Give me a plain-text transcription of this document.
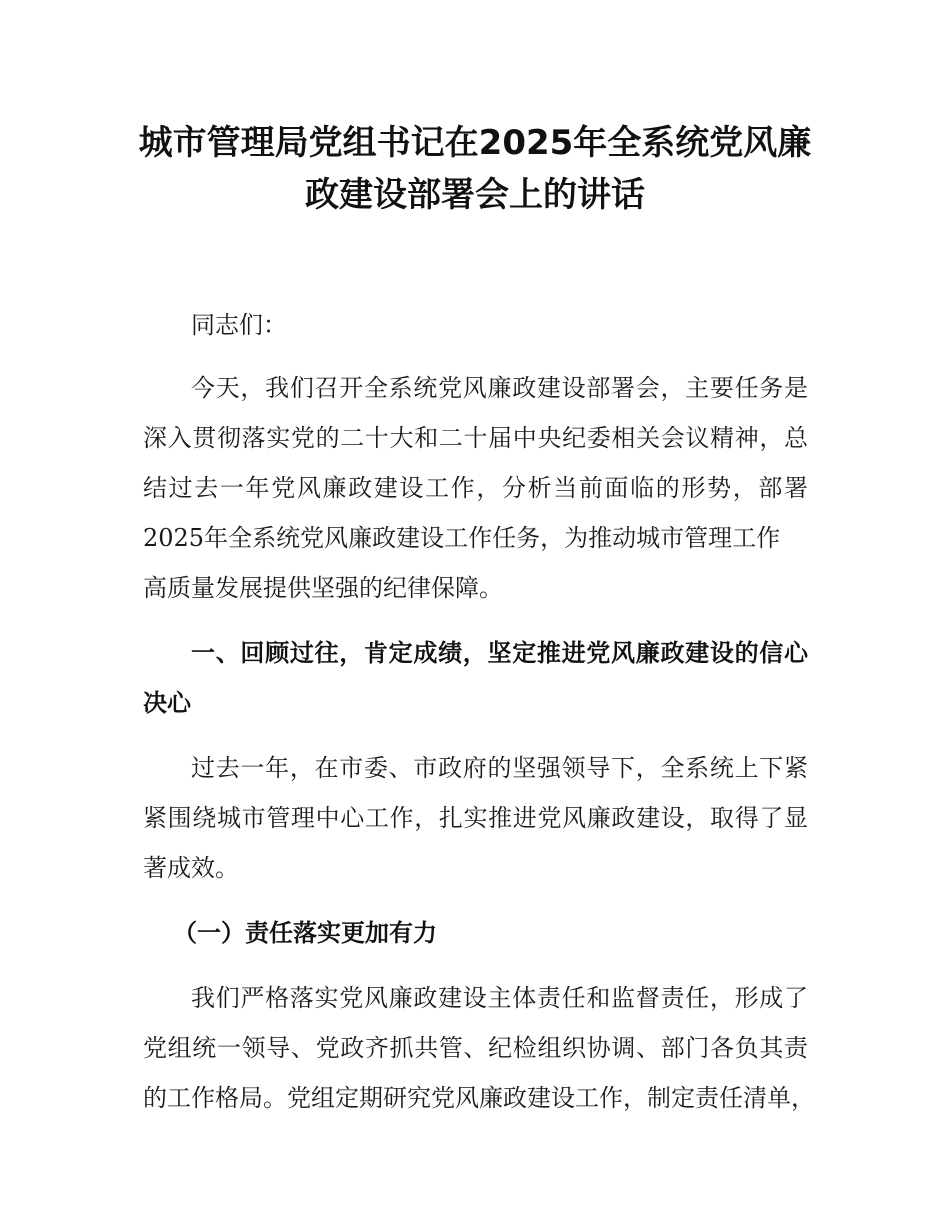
城市管理局党组书记在2025年全系统党风廉
政建设部署会上的讲话
同志们：
今天，我们召开全系统党风廉政建设部署会，主要任务是
深入贯彻落实党的二十大和二十届中央纪委相关会议精神，总
结过去一年党风廉政建设工作，分析当前面临的形势，部署
2025年全系统党风廉政建设工作任务，为推动城市管理工作
高质量发展提供坚强的纪律保障。
一、回顾过往，肯定成绩，坚定推进党风廉政建设的信心
决心
过去一年，在市委、市政府的坚强领导下，全系统上下紧
紧围绕城市管理中心工作，扎实推进党风廉政建设，取得了显
著成效。
（一）责任落实更加有力
我们严格落实党风廉政建设主体责任和监督责任，形成了
党组统一领导、党政齐抓共管、纪检组织协调、部门各负其责
的工作格局。党组定期研究党风廉政建设工作，制定责任清单，
